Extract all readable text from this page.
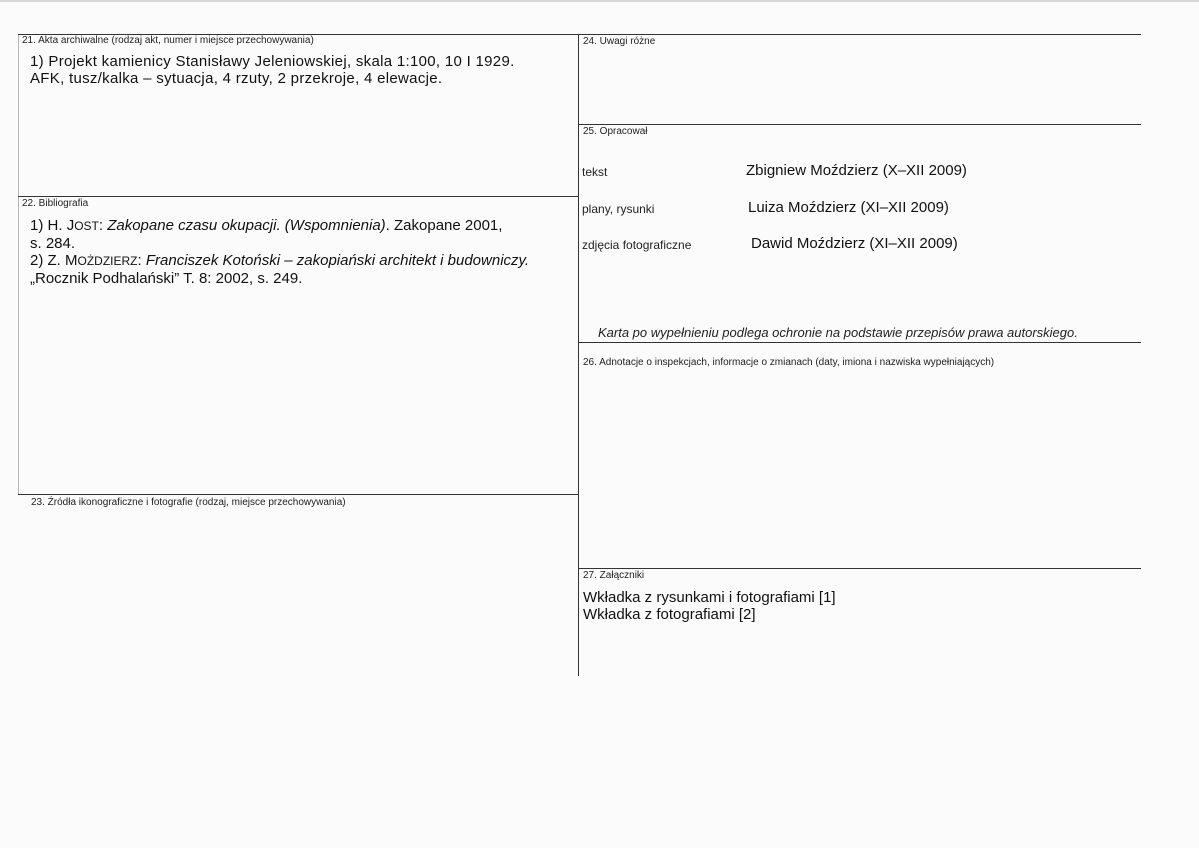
21. Akta archiwalne (rodzaj akt, numer i miejsce przechowywania)
1) Projekt kamienicy Stanisławy Jeleniowskiej, skala 1:100, 10 I 1929.
AFK, tusz/kalka – sytuacja, 4 rzuty, 2 przekroje, 4 elewacje.
22. Bibliografia
1) H. JOST: Zakopane czasu okupacji. (Wspomnienia). Zakopane 2001,
s. 284.
2) Z. MOŻDZIERZ: Franciszek Kotoński – zakopiański architekt i budowniczy.
„Rocznik Podhalański” T. 8: 2002, s. 249.
23. Źródła ikonograficzne i fotografie (rodzaj, miejsce przechowywania)
24. Uwagi różne
25. Opracował
tekst	Zbigniew Moździerz (X–XII 2009)
plany, rysunki	Luiza Moździerz (XI–XII 2009)
zdjęcia fotograficzne	Dawid Moździerz (XI–XII 2009)
Karta po wypełnieniu podlega ochronie na podstawie przepisów prawa autorskiego.
26. Adnotacje o inspekcjach, informacje o zmianach (daty, imiona i nazwiska wypełniających)
27. Załączniki
Wkładka z rysunkami i fotografiami [1]
Wkładka z fotografiami [2]
